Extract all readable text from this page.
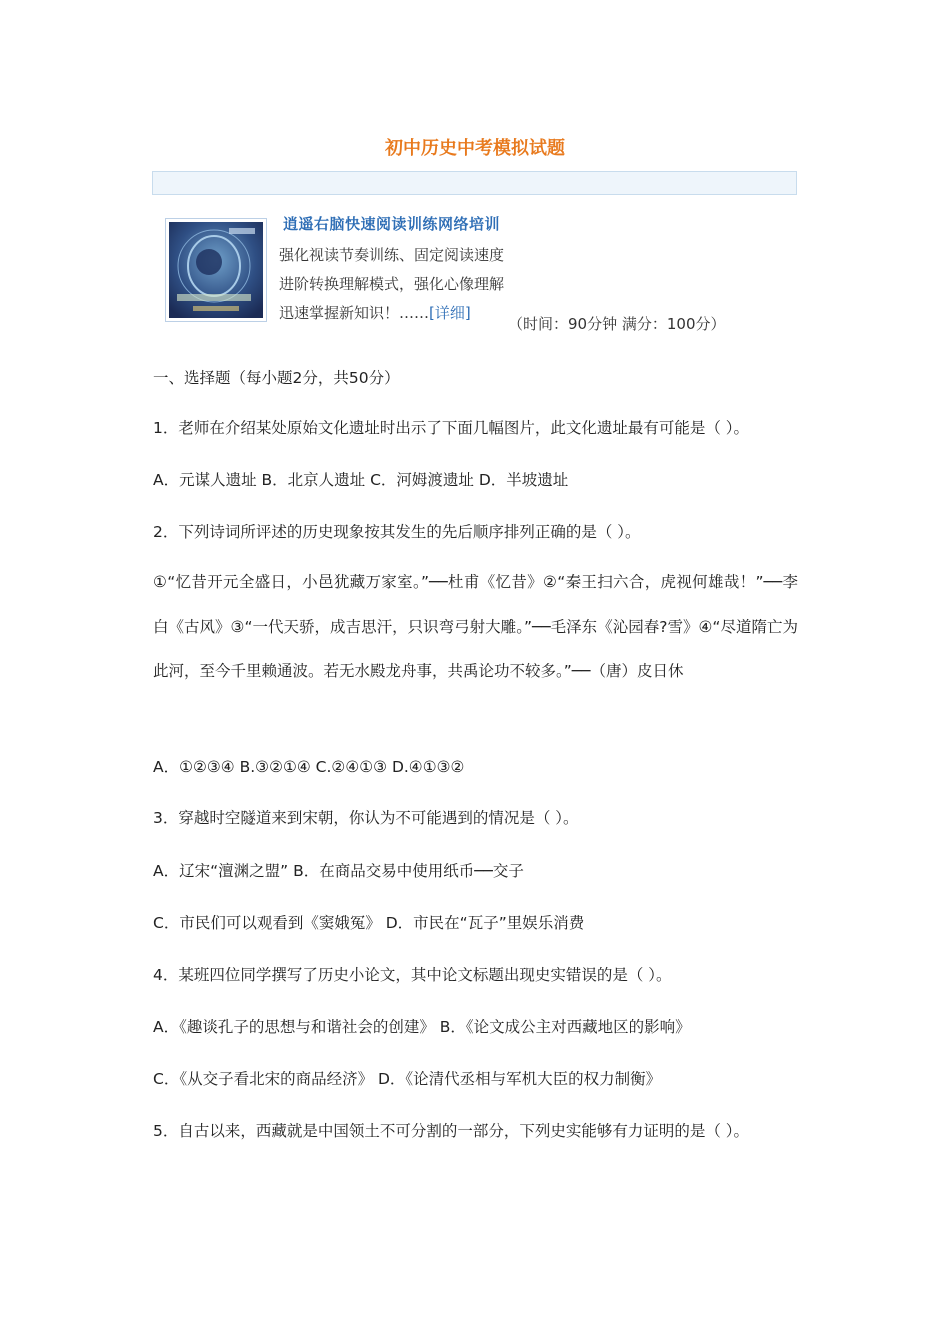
初中历史中考模拟试题
逍遥右脑快速阅读训练网络培训
强化视读节奏训练、固定阅读速度
进阶转换理解模式，强化心像理解
迅速掌握新知识！……[详细]
（时间：90分钟 满分：100分）
一、选择题（每小题2分，共50分）
1．老师在介绍某处原始文化遗址时出示了下面几幅图片，此文化遗址最有可能是（ ）。
A．元谋人遗址 B．北京人遗址 C．河姆渡遗址 D．半坡遗址
2．下列诗词所评述的历史现象按其发生的先后顺序排列正确的是（ ）。
①“忆昔开元全盛日，小邑犹藏万家室。”──杜甫《忆昔》②“秦王扫六合，虎视何雄哉！”──李白《古风》③“一代天骄，成吉思汗，只识弯弓射大雕。”──毛泽东《沁园春?雪》④“尽道隋亡为此河，至今千里赖通波。若无水殿龙舟事，共禹论功不较多。”──（唐）皮日休
A．①②③④ B.③②①④ C.②④①③ D.④①③②
3．穿越时空隧道来到宋朝，你认为不可能遇到的情况是（ ）。
A．辽宋“澶渊之盟” B．在商品交易中使用纸币──交子
C．市民们可以观看到《窦娥冤》 D．市民在“瓦子”里娱乐消费
4．某班四位同学撰写了历史小论文，其中论文标题出现史实错误的是（ ）。
A．《趣谈孔子的思想与和谐社会的创建》 B．《论文成公主对西藏地区的影响》
C．《从交子看北宋的商品经济》 D．《论清代丞相与军机大臣的权力制衡》
5．自古以来，西藏就是中国领土不可分割的一部分，下列史实能够有力证明的是（ ）。
